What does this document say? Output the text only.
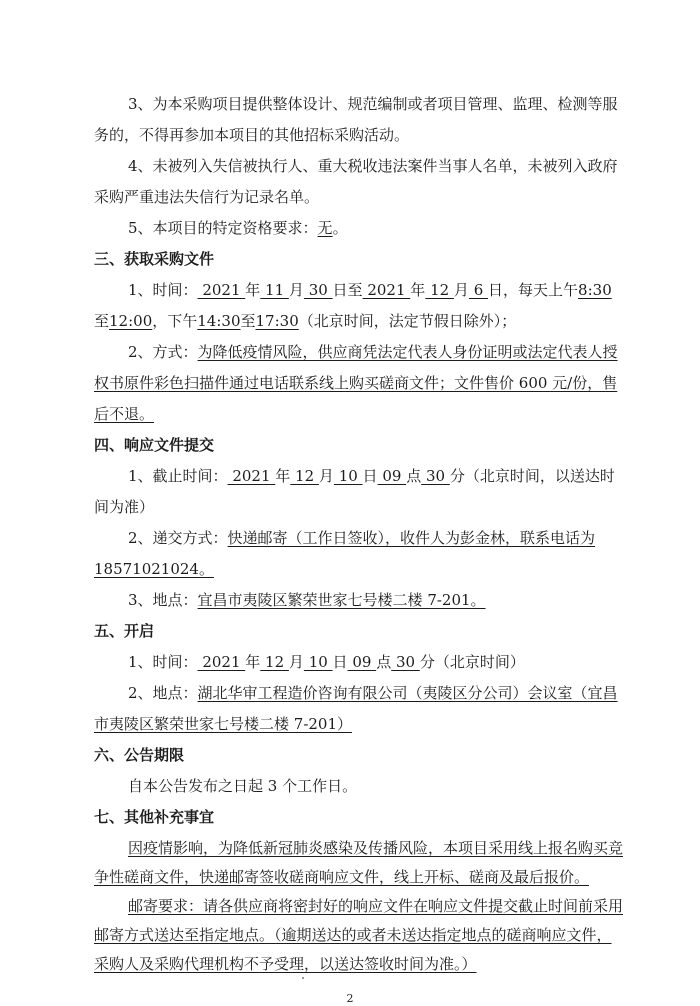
3、为本采购项目提供整体设计、规范编制或者项目管理、监理、检测等服

务的，不得再参加本项目的其他招标采购活动。

4、未被列入失信被执行人、重大税收违法案件当事人名单，未被列入政府

采购严重违法失信行为记录名单。

5、本项目的特定资格要求：无。

三、获取采购文件

1、时间： 2021 年 11 月 30 日至 2021 年 12 月 6 日，每天上午8:30

至12:00，下午14:30至17:30（北京时间，法定节假日除外）；

2、方式：为降低疫情风险，供应商凭法定代表人身份证明或法定代表人授

权书原件彩色扫描件通过电话联系线上购买磋商文件；文件售价 600 元/份，售

后不退。

四、响应文件提交

1、截止时间： 2021 年 12 月 10 日 09 点 30 分（北京时间，以送达时

间为准）

2、递交方式：快递邮寄（工作日签收），收件人为彭金林，联系电话为

18571021024。

3、地点：宜昌市夷陵区繁荣世家七号楼二楼 7-201。

五、开启

1、时间： 2021 年 12 月 10 日 09 点 30 分（北京时间）

2、地点：湖北华审工程造价咨询有限公司（夷陵区分公司）会议室（宜昌

市夷陵区繁荣世家七号楼二楼 7-201）

六、公告期限

自本公告发布之日起 3 个工作日。

七、其他补充事宜

因疫情影响，为降低新冠肺炎感染及传播风险，本项目采用线上报名购买竞

争性磋商文件，快递邮寄签收磋商响应文件，线上开标、磋商及最后报价。

邮寄要求：请各供应商将密封好的响应文件在响应文件提交截止时间前采用

2

邮寄方式送达至指定地点。（逾期送达的或者未送达指定地点的磋商响应文件，

采购人及采购代理机构不予受理，以送达签收时间为准。）
